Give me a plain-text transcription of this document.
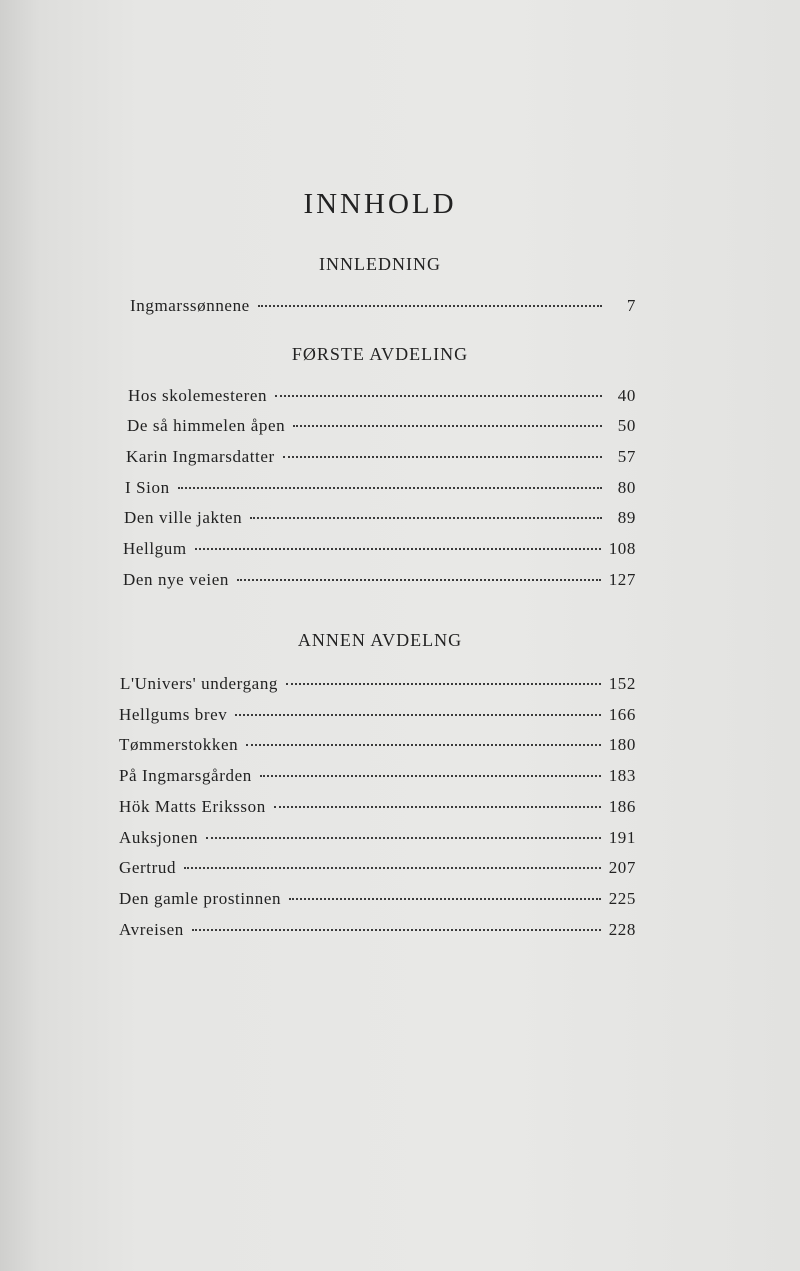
INNHOLD
INNLEDNING
Ingmarssønnene	7
FØRSTE AVDELING
Hos skolemesteren	40
De så himmelen åpen	50
Karin Ingmarsdatter	57
I Sion	80
Den ville jakten	89
Hellgum	108
Den nye veien	127
ANNEN AVDELNG
L'Univers' undergang	152
Hellgums brev	166
Tømmerstokken	180
På Ingmarsgården	183
Hök Matts Eriksson	186
Auksjonen	191
Gertrud	207
Den gamle prostinnen	225
Avreisen	228
